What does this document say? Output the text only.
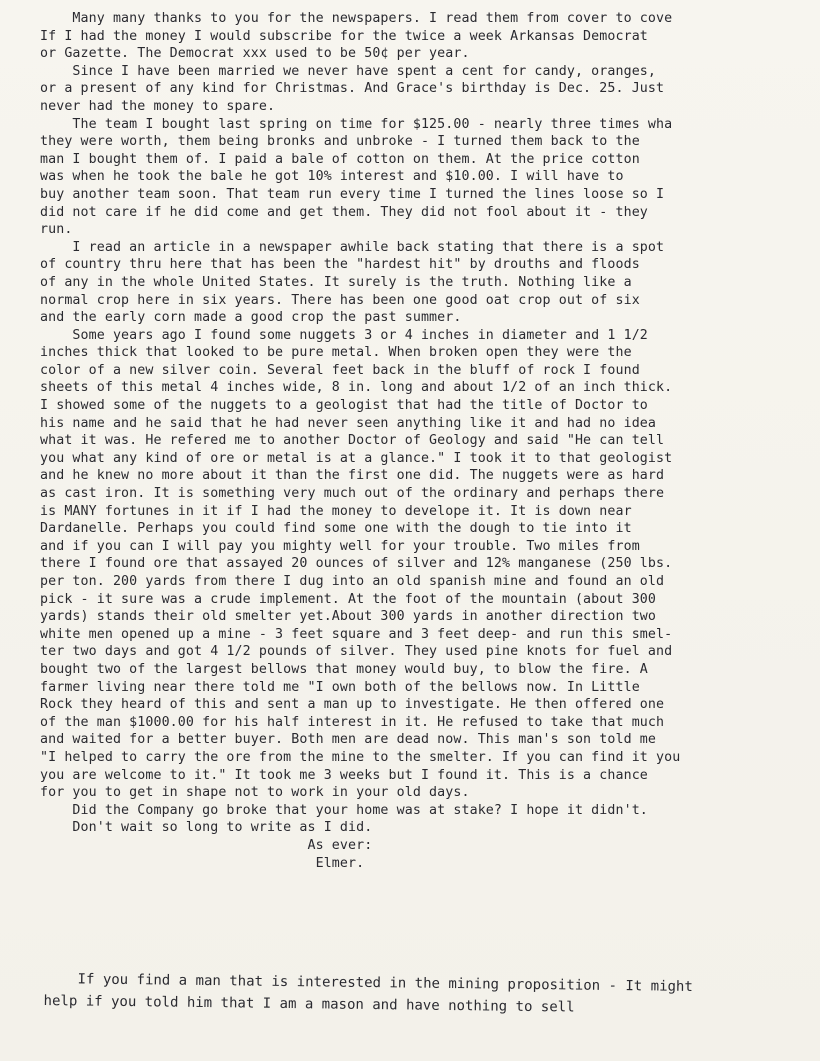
Many many thanks to you for the newspapers. I read them from cover to cove
If I had the money I would subscribe for the twice a week Arkansas Democrat
or Gazette. The Democrat xxx used to be 50¢ per year.
Since I have been married we never have spent a cent for candy, oranges,
or a present of any kind for Christmas. And Grace's birthday is Dec. 25. Just
never had the money to spare.
The team I bought last spring on time for $125.00 - nearly three times wha
they were worth, them being bronks and unbroke - I turned them back to the
man I bought them of. I paid a bale of cotton on them. At the price cotton
was when he took the bale he got 10% interest and $10.00. I will have to
buy another team soon. That team run every time I turned the lines loose so I
did not care if he did come and get them. They did not fool about it - they
run.
I read an article in a newspaper awhile back stating that there is a spot
of country thru here that has been the "hardest hit" by drouths and floods
of any in the whole United States. It surely is the truth. Nothing like a
normal crop here in six years. There has been one good oat crop out of six
and the early corn made a good crop the past summer.
Some years ago I found some nuggets 3 or 4 inches in diameter and 1 1/2
inches thick that looked to be pure metal. When broken open they were the
color of a new silver coin. Several feet back in the bluff of rock I found
sheets of this metal 4 inches wide, 8 in. long and about 1/2 of an inch thick.
I showed some of the nuggets to a geologist that had the title of Doctor to
his name and he said that he had never seen anything like it and had no idea
what it was. He refered me to another Doctor of Geology and said "He can tell
you what any kind of ore or metal is at a glance." I took it to that geologist
and he knew no more about it than the first one did. The nuggets were as hard
as cast iron. It is something very much out of the ordinary and perhaps there
is MANY fortunes in it if I had the money to develope it. It is down near
Dardanelle. Perhaps you could find some one with the dough to tie into it
and if you can I will pay you mighty well for your trouble. Two miles from
there I found ore that assayed 20 ounces of silver and 12% manganese (250 lbs.
per ton. 200 yards from there I dug into an old spanish mine and found an old
pick - it sure was a crude implement. At the foot of the mountain (about 300
yards) stands their old smelter yet.About 300 yards in another direction two
white men opened up a mine - 3 feet square and 3 feet deep- and run this smel-
ter two days and got 4 1/2 pounds of silver. They used pine knots for fuel and
bought two of the largest bellows that money would buy, to blow the fire. A
farmer living near there told me "I own both of the bellows now. In Little
Rock they heard of this and sent a man up to investigate. He then offered one
of the man $1000.00 for his half interest in it. He refused to take that much
and waited for a better buyer. Both men are dead now. This man's son told me
"I helped to carry the ore from the mine to the smelter. If you can find it you
you are welcome to it." It took me 3 weeks but I found it. This is a chance
for you to get in shape not to work in your old days.
Did the Company go broke that your home was at stake? I hope it didn't.
Don't wait so long to write as I did.
As ever:
Elmer.
If you find a man that is interested in the mining proposition - It might
help if you told him that I am a mason and have nothing to sell
